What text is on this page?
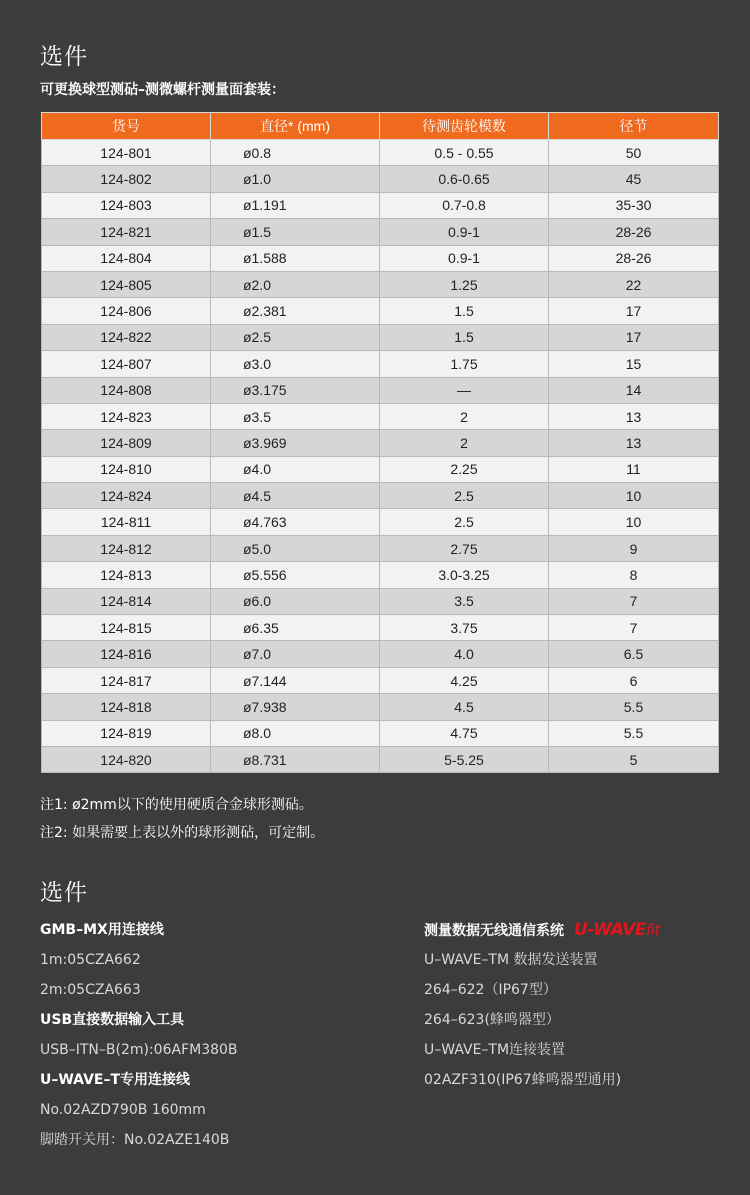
选件
可更换球型测砧–测微螺杆测量面套装：
货号	直径* (mm)	待测齿轮模数	径节
124-801	ø0.8	0.5 - 0.55	50
124-802	ø1.0	0.6-0.65	45
124-803	ø1.191	0.7-0.8	35-30
124-821	ø1.5	0.9-1	28-26
124-804	ø1.588	0.9-1	28-26
124-805	ø2.0	1.25	22
124-806	ø2.381	1.5	17
124-822	ø2.5	1.5	17
124-807	ø3.0	1.75	15
124-808	ø3.175	—	14
124-823	ø3.5	2	13
124-809	ø3.969	2	13
124-810	ø4.0	2.25	11
124-824	ø4.5	2.5	10
124-811	ø4.763	2.5	10
124-812	ø5.0	2.75	9
124-813	ø5.556	3.0-3.25	8
124-814	ø6.0	3.5	7
124-815	ø6.35	3.75	7
124-816	ø7.0	4.0	6.5
124-817	ø7.144	4.25	6
124-818	ø7.938	4.5	5.5
124-819	ø8.0	4.75	5.5
124-820	ø8.731	5-5.25	5
注1: ø2mm以下的使用硬质合金球形测砧。
注2: 如果需要上表以外的球形测砧，可定制。
选件
GMB–MX用连接线
1m:05CZA662
2m:05CZA663
USB直接数据输入工具
USB–ITN–B(2m):06AFM380B
U–WAVE–T专用连接线
No.02AZD790B 160mm
脚踏开关用：No.02AZE140B
测量数据无线通信系统 U-WAVEfit
U–WAVE–TM 数据发送装置
264–622（IP67型）
264–623(蜂鸣器型）
U–WAVE–TM连接装置
02AZF310(IP67蜂鸣器型通用)
